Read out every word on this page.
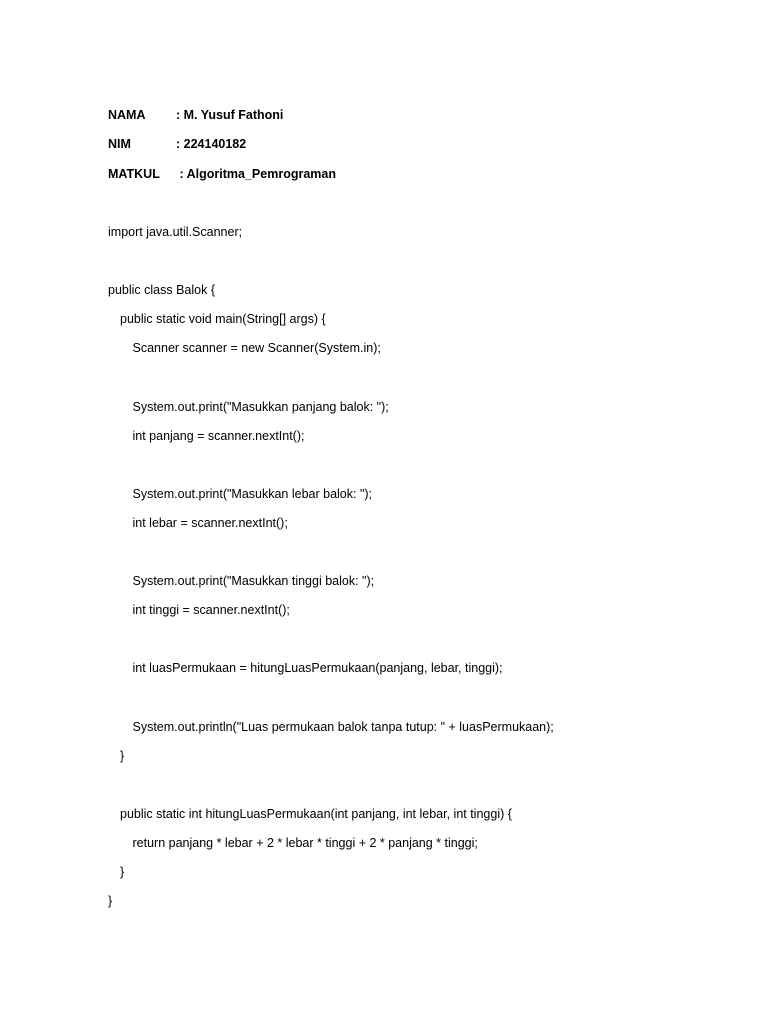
NAMA : M. Yusuf Fathoni
NIM	: 224140182
MATKUL : Algoritma_Pemrograman
import java.util.Scanner;
public class Balok {
public static void main(String[] args) {
Scanner scanner = new Scanner(System.in);
System.out.print("Masukkan panjang balok: ");
int panjang = scanner.nextInt();
System.out.print("Masukkan lebar balok: ");
int lebar = scanner.nextInt();
System.out.print("Masukkan tinggi balok: ");
int tinggi = scanner.nextInt();
int luasPermukaan = hitungLuasPermukaan(panjang, lebar, tinggi);
System.out.println("Luas permukaan balok tanpa tutup: " + luasPermukaan);
}
public static int hitungLuasPermukaan(int panjang, int lebar, int tinggi) {
return panjang * lebar + 2 * lebar * tinggi + 2 * panjang * tinggi;
}
}
